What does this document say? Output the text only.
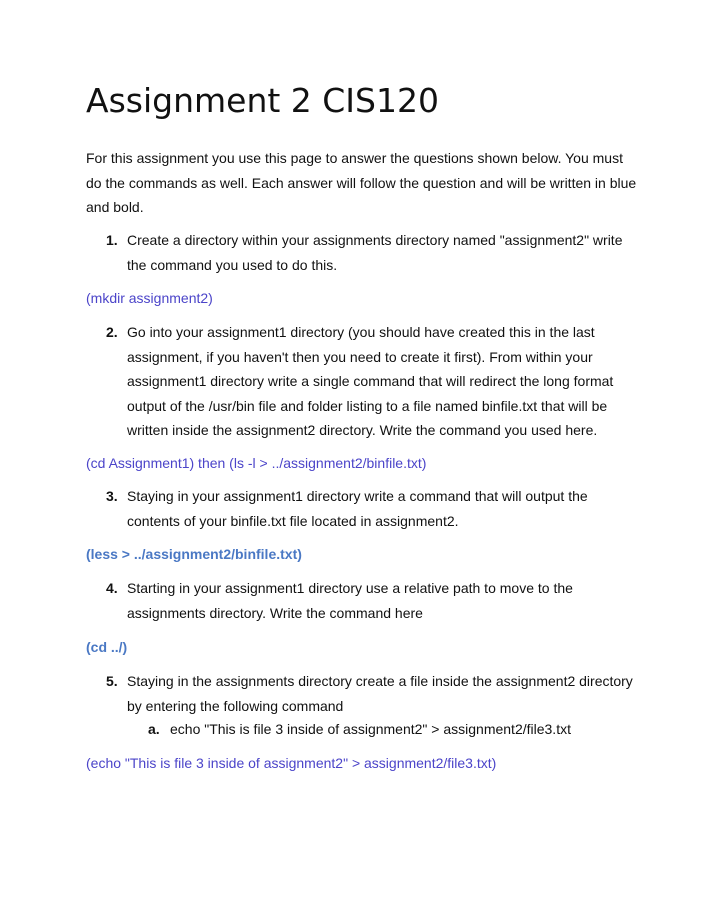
Assignment 2 CIS120

For this assignment you use this page to answer the questions shown below. You must do the commands as well. Each answer will follow the question and will be written in blue and bold.

1. Create a directory within your assignments directory named "assignment2" write the command you used to do this.

(mkdir assignment2)

2. Go into your assignment1 directory (you should have created this in the last assignment, if you haven't then you need to create it first). From within your assignment1 directory write a single command that will redirect the long format output of the /usr/bin file and folder listing to a file named binfile.txt that will be written inside the assignment2 directory. Write the command you used here.

(cd Assignment1) then (ls -l > ../assignment2/binfile.txt)

3. Staying in your assignment1 directory write a command that will output the contents of your binfile.txt file located in assignment2.

(less > ../assignment2/binfile.txt)

4. Starting in your assignment1 directory use a relative path to move to the assignments directory. Write the command here

(cd ../)

5. Staying in the assignments directory create a file inside the assignment2 directory by entering the following command

a. echo "This is file 3 inside of assignment2" > assignment2/file3.txt

(echo "This is file 3 inside of assignment2" > assignment2/file3.txt)
